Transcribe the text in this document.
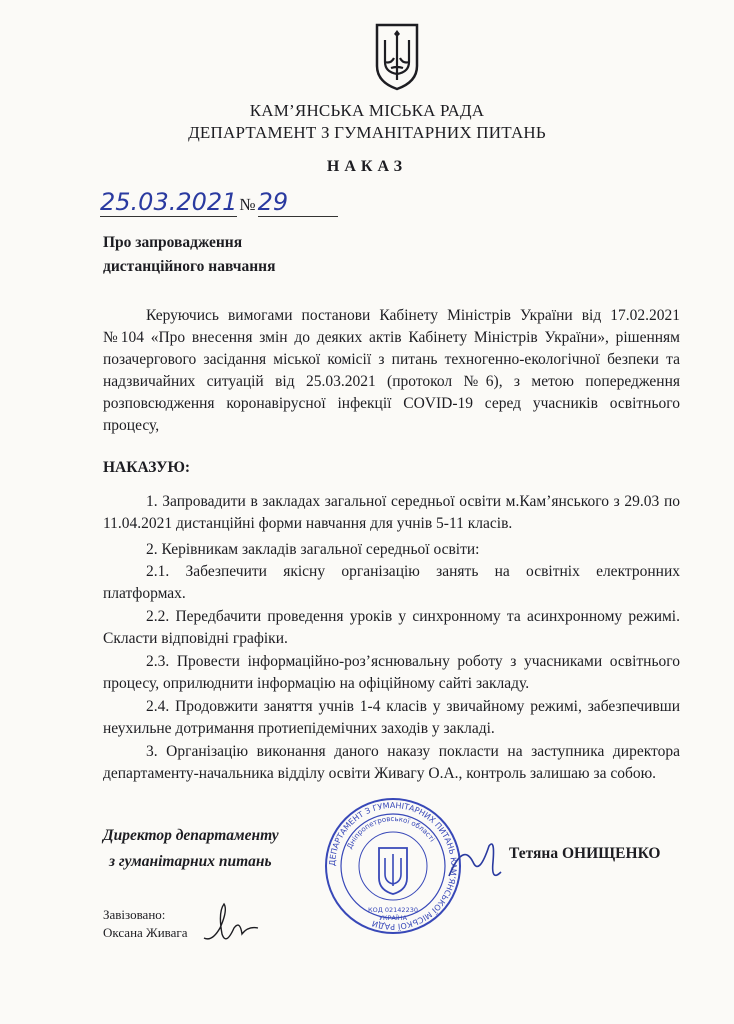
КАМ’ЯНСЬКА МІСЬКА РАДА
ДЕПАРТАМЕНТ З ГУМАНІТАРНИХ ПИТАНЬ
НАКАЗ
25.03.2021 №29
Про запровадження
дистанційного навчання
Керуючись вимогами постанови Кабінету Міністрів України від 17.02.2021 №104 «Про внесення змін до деяких актів Кабінету Міністрів України», рішенням позачергового засідання міської комісії з питань техногенно-екологічної безпеки та надзвичайних ситуацій від 25.03.2021 (протокол №6), з метою попередження розповсюдження коронавірусної інфекції COVID-19 серед учасників освітнього процесу,
НАКАЗУЮ:
1. Запровадити в закладах загальної середньої освіти м.Кам’янського з 29.03 по 11.04.2021 дистанційні форми навчання для учнів 5-11 класів.
2. Керівникам закладів загальної середньої освіти:
2.1. Забезпечити якісну організацію занять на освітніх електронних платформах.
2.2. Передбачити проведення уроків у синхронному та асинхронному режимі. Скласти відповідні графіки.
2.3. Провести інформаційно-роз’яснювальну роботу з учасниками освітнього процесу, оприлюднити інформацію на офіційному сайті закладу.
2.4. Продовжити заняття учнів 1-4 класів у звичайному режимі, забезпечивши неухильне дотримання протиепідемічних заходів у закладі.
3. Організацію виконання даного наказу покласти на заступника директора департаменту-начальника відділу освіти Живагу О.А., контроль залишаю за собою.
Директор департаменту
з гуманітарних питань	ДЕПАРТАМЕНТ З ГУМАНІТАРНИХ ПИТАНЬ КАМ’ЯНСЬКОЇ МІСЬКОЇ РАДИ
Дніпропетровської області
КОД 02142230
УКРАЇНА
Тетяна ОНИЩЕНКО
Завізовано:
Оксана Живага
